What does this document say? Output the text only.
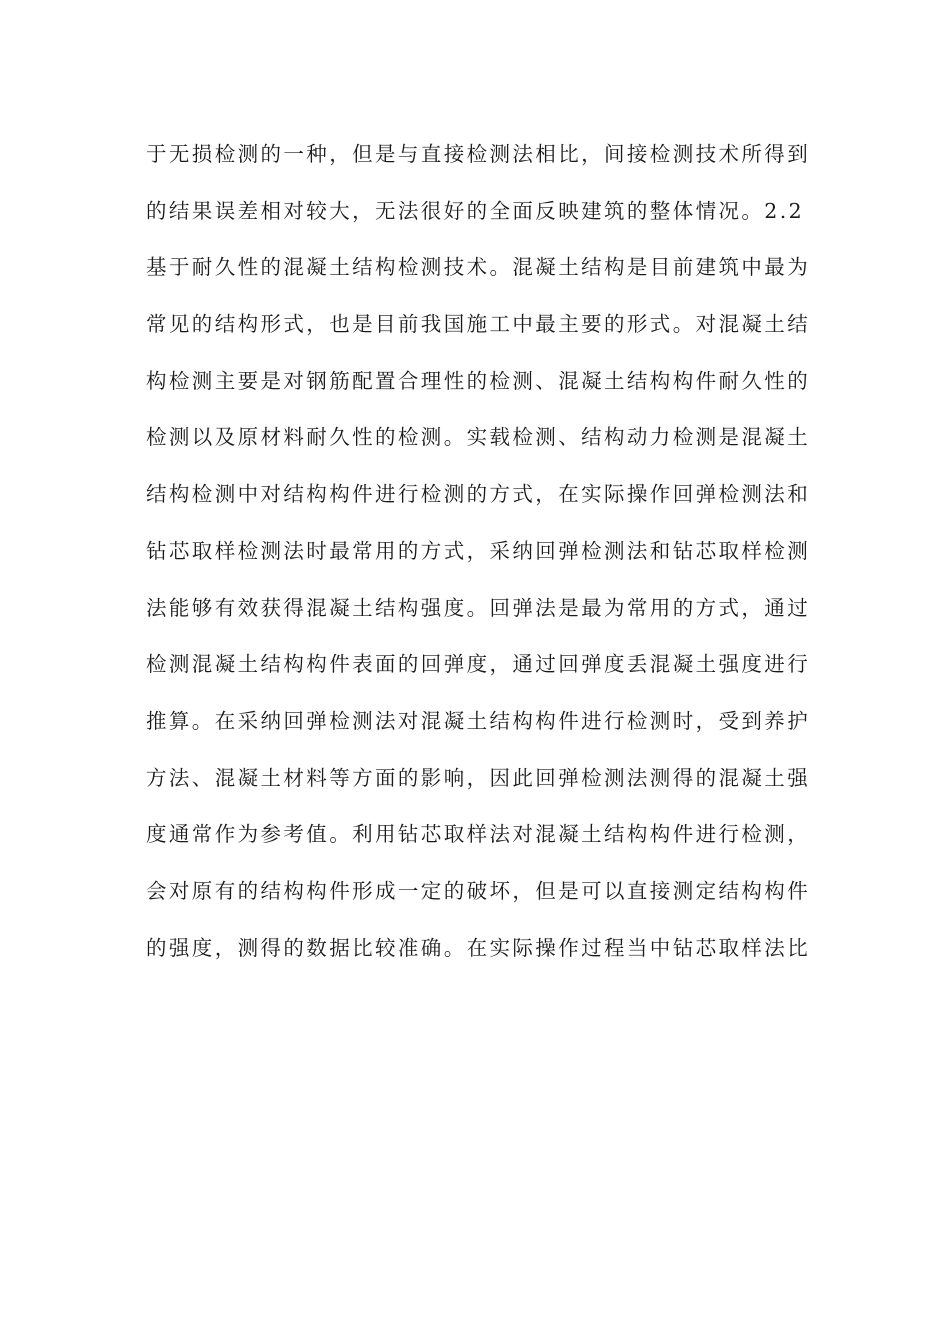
于无损检测的一种，但是与直接检测法相比，间接检测技术所得到
的结果误差相对较大，无法很好的全面反映建筑的整体情况。2.2
基于耐久性的混凝土结构检测技术。混凝土结构是目前建筑中最为
常见的结构形式，也是目前我国施工中最主要的形式。对混凝土结
构检测主要是对钢筋配置合理性的检测、混凝土结构构件耐久性的
检测以及原材料耐久性的检测。实载检测、结构动力检测是混凝土
结构检测中对结构构件进行检测的方式，在实际操作回弹检测法和
钻芯取样检测法时最常用的方式，采纳回弹检测法和钻芯取样检测
法能够有效获得混凝土结构强度。回弹法是最为常用的方式，通过
检测混凝土结构构件表面的回弹度，通过回弹度丢混凝土强度进行
推算。在采纳回弹检测法对混凝土结构构件进行检测时，受到养护
方法、混凝土材料等方面的影响，因此回弹检测法测得的混凝土强
度通常作为参考值。利用钻芯取样法对混凝土结构构件进行检测，
会对原有的结构构件形成一定的破坏，但是可以直接测定结构构件
的强度，测得的数据比较准确。在实际操作过程当中钻芯取样法比
